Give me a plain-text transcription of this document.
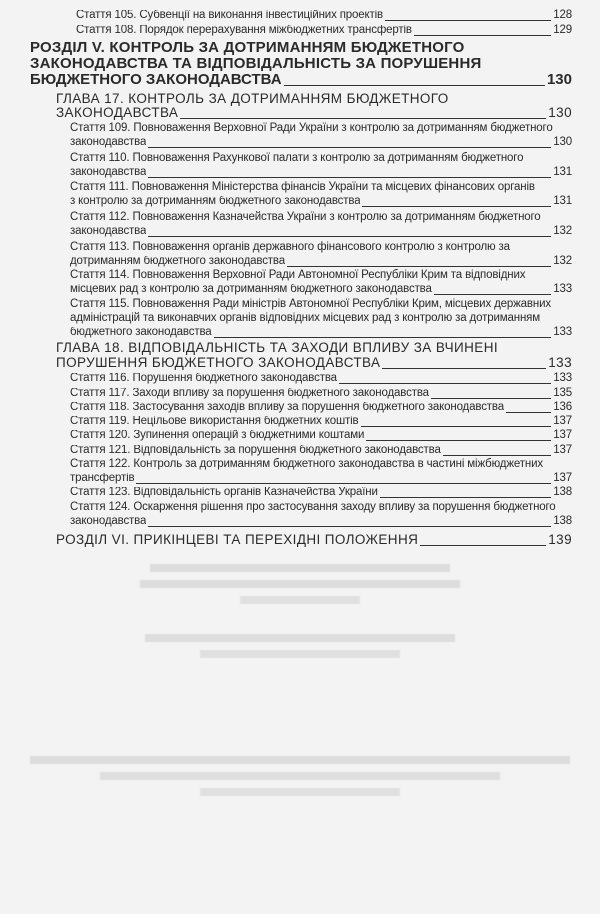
Стаття 105. Субвенції на виконання інвестиційних проектів	128
Стаття 108. Порядок перерахування міжбюджетних трансфертів	129
РОЗДІЛ V. КОНТРОЛЬ ЗА ДОТРИМАННЯМ БЮДЖЕТНОГО
ЗАКОНОДАВСТВА ТА ВІДПОВІДАЛЬНІСТЬ ЗА ПОРУШЕННЯ
БЮДЖЕТНОГО ЗАКОНОДАВСТВА	130
ГЛАВА 17. КОНТРОЛЬ ЗА ДОТРИМАННЯМ БЮДЖЕТНОГО
ЗАКОНОДАВСТВА	130
Стаття 109. Повноваження Верховної Ради України з контролю за дотриманням бюджетного
законодавства	130
Стаття 110. Повноваження Рахункової палати з контролю за дотриманням бюджетного
законодавства	131
Стаття 111. Повноваження Міністерства фінансів України та місцевих фінансових органів
з контролю за дотриманням бюджетного законодавства	131
Стаття 112. Повноваження Казначейства України з контролю за дотриманням бюджетного
законодавства	132
Стаття 113. Повноваження органів державного фінансового контролю з контролю за
дотриманням бюджетного законодавства	132
Стаття 114. Повноваження Верховної Ради Автономної Республіки Крим та відповідних
місцевих рад з контролю за дотриманням бюджетного законодавства	133
Стаття 115. Повноваження Ради міністрів Автономної Республіки Крим, місцевих державних
адміністрацій та виконавчих органів відповідних місцевих рад з контролю за дотриманням
бюджетного законодавства	133
ГЛАВА 18. ВІДПОВІДАЛЬНІСТЬ ТА ЗАХОДИ ВПЛИВУ ЗА ВЧИНЕНІ
ПОРУШЕННЯ БЮДЖЕТНОГО ЗАКОНОДАВСТВА	133
Стаття 116. Порушення бюджетного законодавства	133
Стаття 117. Заходи впливу за порушення бюджетного законодавства	135
Стаття 118. Застосування заходів впливу за порушення бюджетного законодавства	136
Стаття 119. Нецільове використання бюджетних коштів	137
Стаття 120. Зупинення операцій з бюджетними коштами	137
Стаття 121. Відповідальність за порушення бюджетного законодавства	137
Стаття 122. Контроль за дотриманням бюджетного законодавства в частині міжбюджетних
трансфертів	137
Стаття 123. Відповідальність органів Казначейства України	138
Стаття 124. Оскарження рішення про застосування заходу впливу за порушення бюджетного
законодавства	138
РОЗДІЛ VI. ПРИКІНЦЕВІ ТА ПЕРЕХІДНІ ПОЛОЖЕННЯ	139
